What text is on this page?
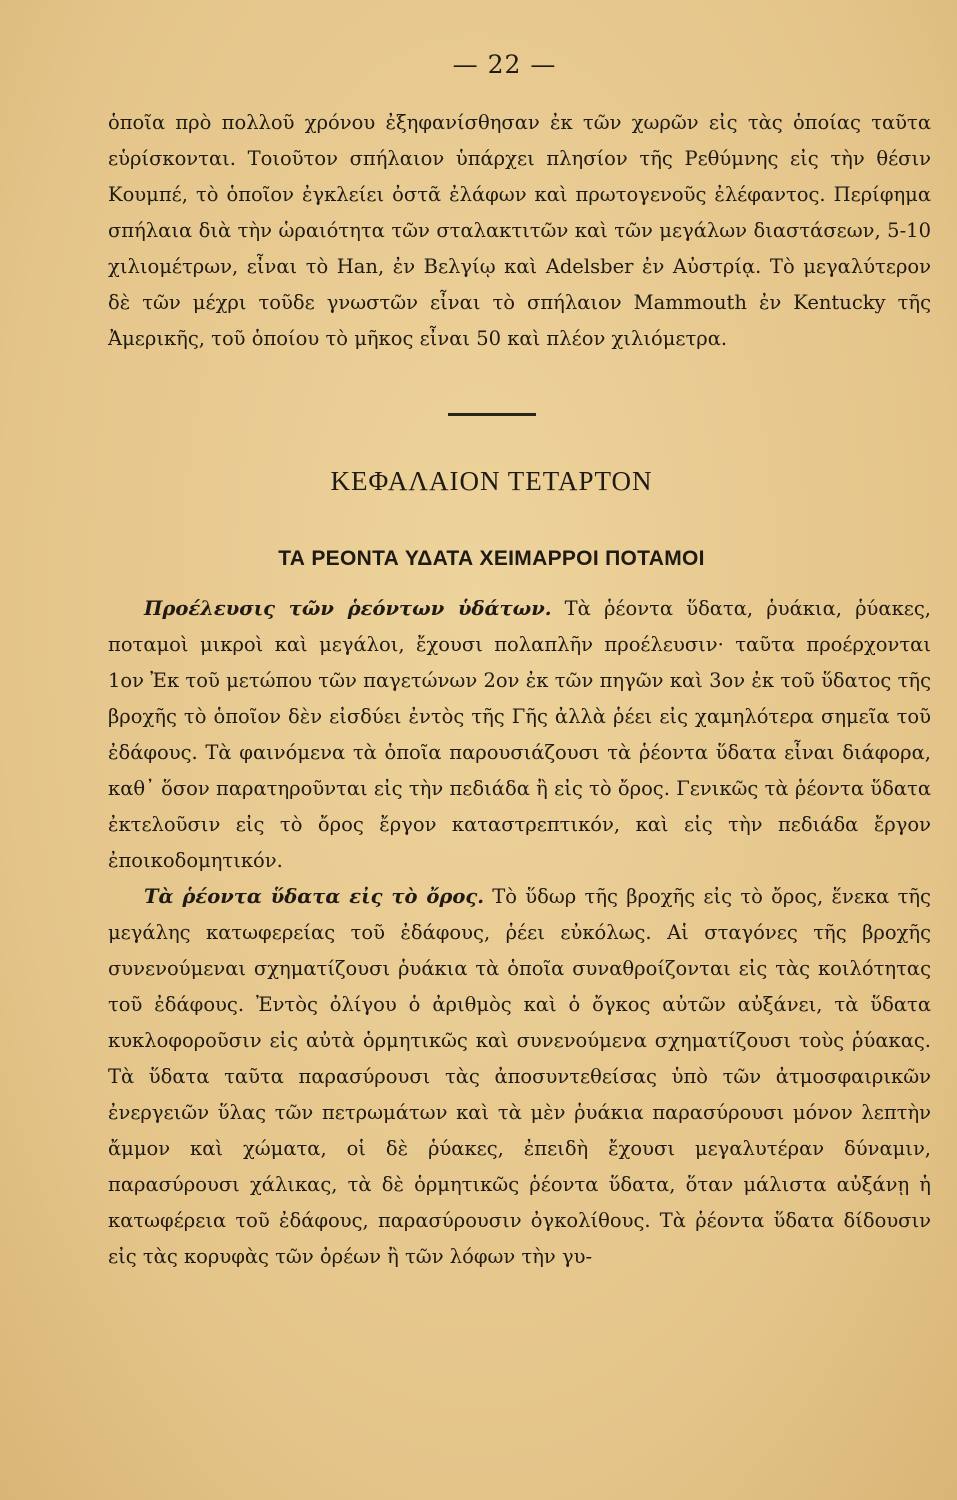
— 22 —

ὁποῖα πρὸ πολλοῦ χρόνου ἐξηφανίσθησαν ἐκ τῶν χωρῶν εἰς τὰς ὁποίας ταῦτα εὑρίσκονται. Τοιοῦτον σπήλαιον ὑπάρχει πλησίον τῆς Ρεθύμνης εἰς τὴν θέσιν Κουμπέ, τὸ ὁποῖον ἐγκλείει ὀστᾶ ἐλάφων καὶ πρωτογενοῦς ἐλέφαντος. Περίφημα σπήλαια διὰ τὴν ὡραιότητα τῶν σταλακτιτῶν καὶ τῶν μεγάλων διαστάσεων, 5-10 χιλιομέτρων, εἶναι τὸ Han, ἐν Βελγίῳ καὶ Adelsber ἐν Αὐστρίᾳ. Τὸ μεγαλύτερον δὲ τῶν μέχρι τοῦδε γνωστῶν εἶναι τὸ σπήλαιον Mammouth ἐν Kentucky τῆς Ἀμερικῆς, τοῦ ὁποίου τὸ μῆκος εἶναι 50 καὶ πλέον χιλιόμετρα.

ΚΕΦΑΛΑΙΟΝ ΤΕΤΑΡΤΟΝ
ΤΑ ΡΕΟΝΤΑ ΥΔΑΤΑ ΧΕΙΜΑΡΡΟΙ ΠΟΤΑΜΟΙ

Προέλευσις τῶν ῥεόντων ὑδάτων. Τὰ ῥέοντα ὕδατα, ῥυάκια, ῥύακες, ποταμοὶ μικροὶ καὶ μεγάλοι, ἔχουσι πολαπλῆν προέλευσιν· ταῦτα προέρχονται 1ον Ἐκ τοῦ μετώπου τῶν παγετώνων 2ον ἐκ τῶν πηγῶν καὶ 3ον ἐκ τοῦ ὕδατος τῆς βροχῆς τὸ ὁποῖον δὲν εἰσδύει ἐντὸς τῆς Γῆς ἀλλὰ ῥέει εἰς χαμηλότερα σημεῖα τοῦ ἐδάφους. Τὰ φαινόμενα τὰ ὁποῖα παρουσιάζουσι τὰ ῥέοντα ὕδατα εἶναι διάφορα, καθ᾿ ὅσον παρατηροῦνται εἰς τὴν πεδιάδα ἢ εἰς τὸ ὄρος. Γενικῶς τὰ ῥέοντα ὕδατα ἐκτελοῦσιν εἰς τὸ ὄρος ἔργον καταστρεπτικόν, καὶ εἰς τὴν πεδιάδα ἔργον ἐποικοδομητικόν.

Τὰ ῥέοντα ὕδατα εἰς τὸ ὄρος. Τὸ ὕδωρ τῆς βροχῆς εἰς τὸ ὄρος, ἕνεκα τῆς μεγάλης κατωφερείας τοῦ ἐδάφους, ῥέει εὐκόλως. Αἱ σταγόνες τῆς βροχῆς συνενούμεναι σχηματίζουσι ῥυάκια τὰ ὁποῖα συναθροίζονται εἰς τὰς κοιλότητας τοῦ ἐδάφους. Ἐντὸς ὀλίγου ὁ ἀριθμὸς καὶ ὁ ὄγκος αὐτῶν αὐξάνει, τὰ ὕδατα κυκλοφοροῦσιν εἰς αὐτὰ ὁρμητικῶς καὶ συνενούμενα σχηματίζουσι τοὺς ῥύακας. Τὰ ὕδατα ταῦτα παρασύρουσι τὰς ἀποσυντεθείσας ὑπὸ τῶν ἀτμοσφαιρικῶν ἐνεργειῶν ὕλας τῶν πετρωμάτων καὶ τὰ μὲν ῥυάκια παρασύρουσι μόνον λεπτὴν ἄμμον καὶ χώματα, οἱ δὲ ῥύακες, ἐπειδὴ ἔχουσι μεγαλυτέραν δύναμιν, παρασύρουσι χάλικας, τὰ δὲ ὁρμητικῶς ῥέοντα ὕδατα, ὅταν μάλιστα αὐξάνῃ ἡ κατωφέρεια τοῦ ἐδάφους, παρασύρουσιν ὀγκολίθους. Τὰ ῥέοντα ὕδατα δίδουσιν εἰς τὰς κορυφὰς τῶν ὀρέων ἢ τῶν λόφων τὴν γυ-
